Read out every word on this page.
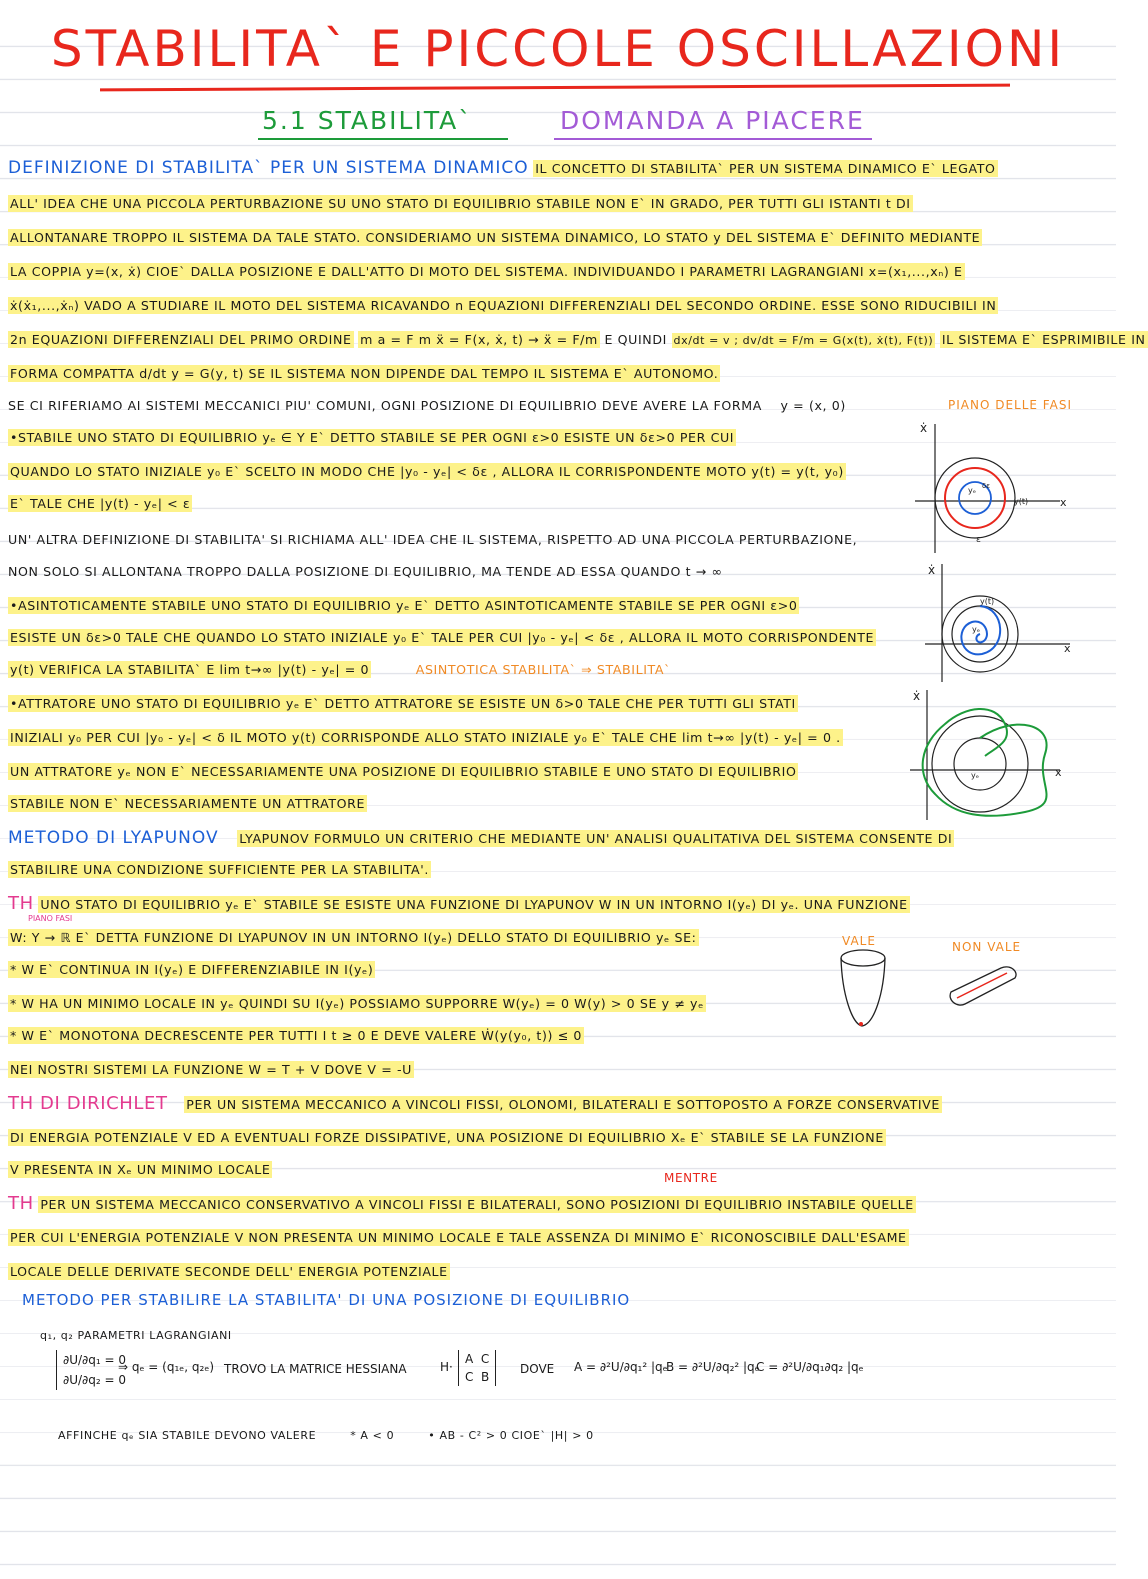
STABILITA` E PICCOLE OSCILLAZIONI
5.1 STABILITA`	DOMANDA A PIACERE
DEFINIZIONE DI STABILITA` PER UN SISTEMA DINAMICO IL CONCETTO DI STABILITA` PER UN SISTEMA DINAMICO E` LEGATO
ALL' IDEA CHE UNA PICCOLA PERTURBAZIONE SU UNO STATO DI EQUILIBRIO STABILE NON E` IN GRADO, PER TUTTI GLI ISTANTI t DI
ALLONTANARE TROPPO IL SISTEMA DA TALE STATO. CONSIDERIAMO UN SISTEMA DINAMICO, LO STATO y DEL SISTEMA E` DEFINITO MEDIANTE
LA COPPIA y=(x, ẋ) CIOE` DALLA POSIZIONE E DALL'ATTO DI MOTO DEL SISTEMA. INDIVIDUANDO I PARAMETRI LAGRANGIANI x=(x₁,...,xₙ) E
ẋ(ẋ₁,...,ẋₙ) VADO A STUDIARE IL MOTO DEL SISTEMA RICAVANDO n EQUAZIONI DIFFERENZIALI DEL SECONDO ORDINE. ESSE SONO RIDUCIBILI IN
2n EQUAZIONI DIFFERENZIALI DEL PRIMO ORDINE m a = F m ẍ = F(x, ẋ, t) → ẍ = F/m E QUINDI dx/dt = v ; dv/dt = F/m = G(x(t), ẋ(t), F(t)) IL SISTEMA E` ESPRIMIBILE IN
FORMA COMPATTA d/dt y = G(y, t) SE IL SISTEMA NON DIPENDE DAL TEMPO IL SISTEMA E` AUTONOMO.
SE CI RIFERIAMO AI SISTEMI MECCANICI PIU' COMUNI, OGNI POSIZIONE DI EQUILIBRIO DEVE AVERE LA FORMA y = (x, 0)	PIANO DELLE FASI
•STABILE UNO STATO DI EQUILIBRIO yₑ ∈ Y E` DETTO STABILE SE PER OGNI ε>0 ESISTE UN δε>0 PER CUI
QUANDO LO STATO INIZIALE y₀ E` SCELTO IN MODO CHE |y₀ - yₑ| < δε , ALLORA IL CORRISPONDENTE MOTO y(t) = y(t, y₀)
E` TALE CHE |y(t) - yₑ| < ε
ẋ
x
yₑ
y(t)
ε
δε
UN' ALTRA DEFINIZIONE DI STABILITA' SI RICHIAMA ALL' IDEA CHE IL SISTEMA, RISPETTO AD UNA PICCOLA PERTURBAZIONE,
NON SOLO SI ALLONTANA TROPPO DALLA POSIZIONE DI EQUILIBRIO, MA TENDE AD ESSA QUANDO t → ∞
•ASINTOTICAMENTE STABILE UNO STATO DI EQUILIBRIO yₑ E` DETTO ASINTOTICAMENTE STABILE SE PER OGNI ε>0
ESISTE UN δε>0 TALE CHE QUANDO LO STATO INIZIALE y₀ E` TALE PER CUI |y₀ - yₑ| < δε , ALLORA IL MOTO CORRISPONDENTE
y(t) VERIFICA LA STABILITA` E lim t→∞ |y(t) - yₑ| = 0	ASINTOTICA STABILITA` ⇒ STABILITA`
ẋ
x
yₑ
y(t)
•ATTRATORE UNO STATO DI EQUILIBRIO yₑ E` DETTO ATTRATORE SE ESISTE UN δ>0 TALE CHE PER TUTTI GLI STATI
INIZIALI y₀ PER CUI |y₀ - yₑ| < δ IL MOTO y(t) CORRISPONDE ALLO STATO INIZIALE y₀ E` TALE CHE lim t→∞ |y(t) - yₑ| = 0 .
UN ATTRATORE yₑ NON E` NECESSARIAMENTE UNA POSIZIONE DI EQUILIBRIO STABILE E UNO STATO DI EQUILIBRIO
STABILE NON E` NECESSARIAMENTE UN ATTRATORE
ẋ
x
yₑ
METODO DI LYAPUNOV LYAPUNOV FORMULO UN CRITERIO CHE MEDIANTE UN' ANALISI QUALITATIVA DEL SISTEMA CONSENTE DI
STABILIRE UNA CONDIZIONE SUFFICIENTE PER LA STABILITA'.
TH UNO STATO DI EQUILIBRIO yₑ E` STABILE SE ESISTE UNA FUNZIONE DI LYAPUNOV W IN UN INTORNO I(yₑ) DI yₑ. UNA FUNZIONE
PIANO FASI
W: Y → ℝ E` DETTA FUNZIONE DI LYAPUNOV IN UN INTORNO I(yₑ) DELLO STATO DI EQUILIBRIO yₑ SE:
* W E` CONTINUA IN I(yₑ) E DIFFERENZIABILE IN I(yₑ)
* W HA UN MINIMO LOCALE IN yₑ QUINDI SU I(yₑ) POSSIAMO SUPPORRE W(yₑ) = 0 W(y) > 0 SE y ≠ yₑ
* W E` MONOTONA DECRESCENTE PER TUTTI I t ≥ 0 E DEVE VALERE Ẇ(y(y₀, t)) ≤ 0
NEI NOSTRI SISTEMI LA FUNZIONE W = T + V DOVE V = -U
VALE	NON VALE
TH DI DIRICHLET PER UN SISTEMA MECCANICO A VINCOLI FISSI, OLONOMI, BILATERALI E SOTTOPOSTO A FORZE CONSERVATIVE
DI ENERGIA POTENZIALE V ED A EVENTUALI FORZE DISSIPATIVE, UNA POSIZIONE DI EQUILIBRIO Xₑ E` STABILE SE LA FUNZIONE
V PRESENTA IN Xₑ UN MINIMO LOCALE
MENTRE
TH PER UN SISTEMA MECCANICO CONSERVATIVO A VINCOLI FISSI E BILATERALI, SONO POSIZIONI DI EQUILIBRIO INSTABILE QUELLE
PER CUI L'ENERGIA POTENZIALE V NON PRESENTA UN MINIMO LOCALE E TALE ASSENZA DI MINIMO E` RICONOSCIBILE DALL'ESAME
LOCALE DELLE DERIVATE SECONDE DELL' ENERGIA POTENZIALE
METODO PER STABILIRE LA STABILITA' DI UNA POSIZIONE DI EQUILIBRIO
q₁, q₂ PARAMETRI LAGRANGIANI
∂U/∂q₁ = 0
∂U/∂q₂ = 0
⇒ qₑ = (q₁ₑ, q₂ₑ) TROVO LA MATRICE HESSIANA	H·
A C
C B
DOVE A = ∂²U/∂q₁² |qₑ
B = ∂²U/∂q₂² |qₑ
C = ∂²U/∂q₁∂q₂ |qₑ
AFFINCHE qₑ SIA STABILE DEVONO VALERE	* A < 0	• AB - C² > 0 CIOE` |H| > 0
